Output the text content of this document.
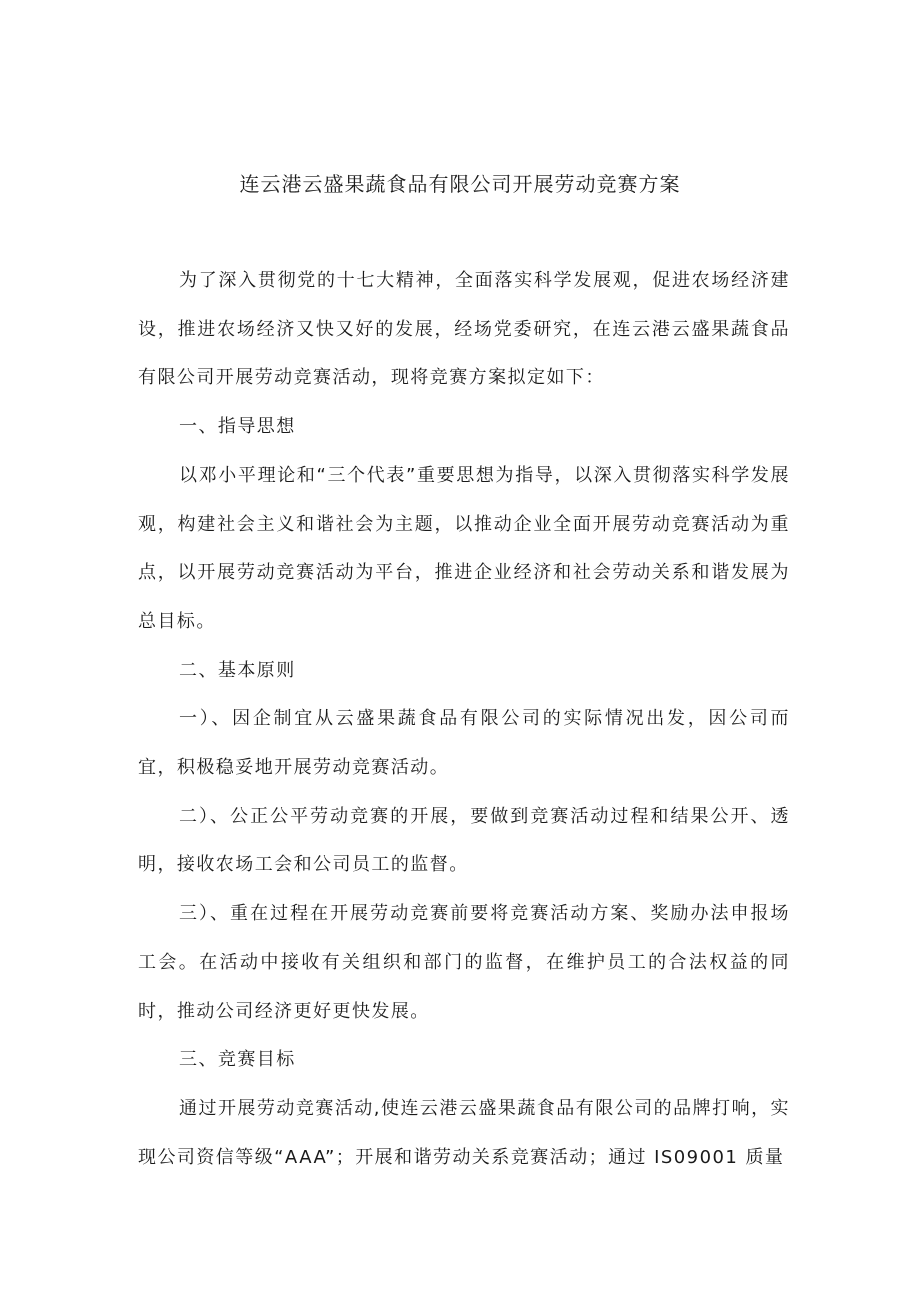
连云港云盛果蔬食品有限公司开展劳动竞赛方案

为了深入贯彻党的十七大精神，全面落实科学发展观，促进农场经济建设，推进农场经济又快又好的发展，经场党委研究，在连云港云盛果蔬食品有限公司开展劳动竞赛活动，现将竞赛方案拟定如下：

一、指导思想

以邓小平理论和“三个代表”重要思想为指导，以深入贯彻落实科学发展观，构建社会主义和谐社会为主题，以推动企业全面开展劳动竞赛活动为重点，以开展劳动竞赛活动为平台，推进企业经济和社会劳动关系和谐发展为总目标。

二、基本原则

一）、因企制宜从云盛果蔬食品有限公司的实际情况出发，因公司而宜，积极稳妥地开展劳动竞赛活动。

二）、公正公平劳动竞赛的开展，要做到竞赛活动过程和结果公开、透明，接收农场工会和公司员工的监督。

三）、重在过程在开展劳动竞赛前要将竞赛活动方案、奖励办法申报场工会。在活动中接收有关组织和部门的监督，在维护员工的合法权益的同时，推动公司经济更好更快发展。

三、竞赛目标

通过开展劳动竞赛活动,使连云港云盛果蔬食品有限公司的品牌打响，实现公司资信等级“AAA”；开展和谐劳动关系竞赛活动；通过 IS09001 质量
